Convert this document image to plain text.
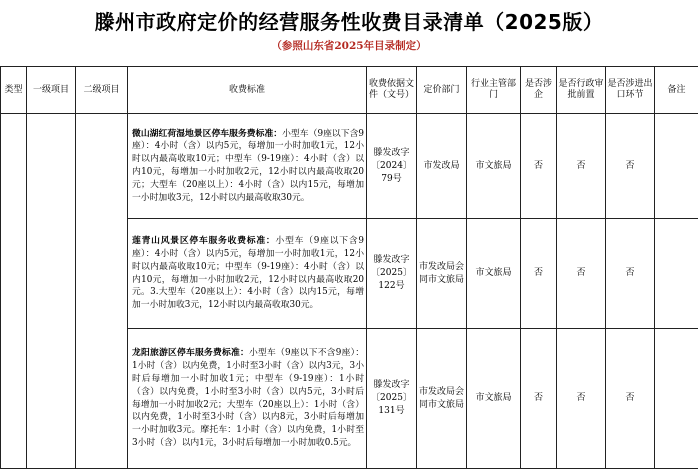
滕州市政府定价的经营服务性收费目录清单（2025版）
（参照山东省2025年目录制定）
类型	一级项目	二级项目	收费标准	收费依据文件（文号）	定价部门	行业主管部门	是否涉企	是否行政审批前置	是否涉进出口环节	备注
			微山湖红荷湿地景区停车服务费标准：小型车（9座以下含9座）：4小时（含）以内5元，每增加一小时加收1元，12小时以内最高收取10元；中型车（9-19座）：4小时（含）以内10元，每增加一小时加收2元，12小时以内最高收取20元；大型车（20座以上）：4小时（含）以内15元，每增加一小时加收3元，12小时以内最高收取30元。	滕发改字〔2024〕79号	市发改局	市文旅局	否	否	否	
			莲青山风景区停车服务收费标准：小型车（9座以下含9座）：4小时（含）以内5元，每增加一小时加收1元，12小时以内最高收取10元；中型车（9-19座）：4小时（含）以内10元，每增加一小时加收2元，12小时以内最高收取20元。3.大型车（20座以上）：4小时（含）以内15元，每增加一小时加收3元，12小时以内最高收取30元。	滕发改字〔2025〕122号	市发改局会同市文旅局	市文旅局	否	否	否	
			龙阳旅游区停车服务费标准：小型车（9座以下不含9座）：1小时（含）以内免费，1小时至3小时（含）以内3元，3小时后每增加一小时加收1元；中型车（9-19座）：1小时（含）以内免费，1小时至3小时（含）以内5元，3小时后每增加一小时加收2元；大型车（20座以上）：1小时（含）以内免费，1小时至3小时（含）以内8元，3小时后每增加一小时加收3元。摩托车：1小时（含）以内免费，1小时至3小时（含）以内1元，3小时后每增加一小时加收0.5元。	滕发改字〔2025〕131号	市发改局会同市文旅局	市文旅局	否	否	否	
